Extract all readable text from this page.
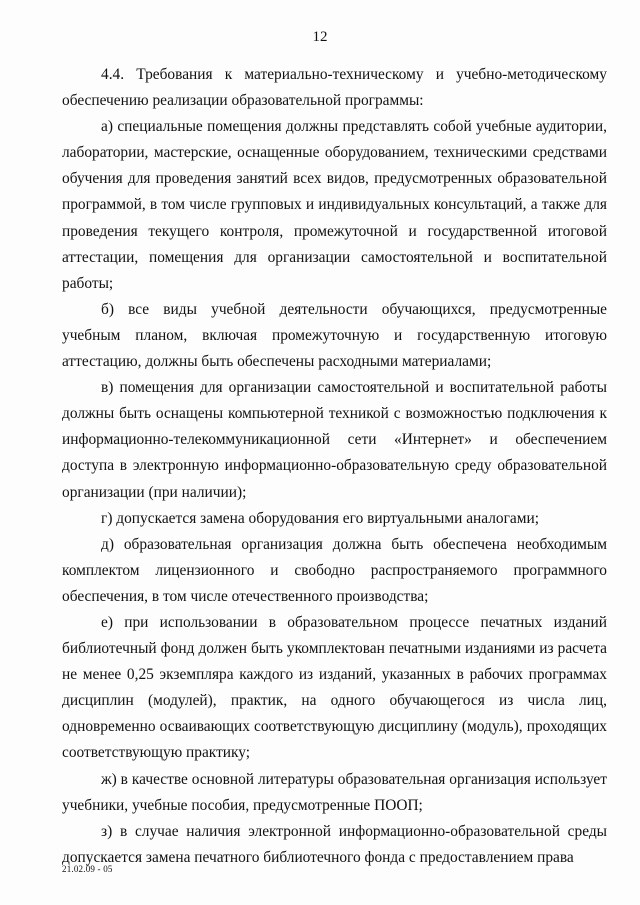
12

4.4. Требования к материально-техническому и учебно-методическому обеспечению реализации образовательной программы:

а) специальные помещения должны представлять собой учебные аудитории, лаборатории, мастерские, оснащенные оборудованием, техническими средствами обучения для проведения занятий всех видов, предусмотренных образовательной программой, в том числе групповых и индивидуальных консультаций, а также для проведения текущего контроля, промежуточной и государственной итоговой аттестации, помещения для организации самостоятельной и воспитательной работы;

б) все виды учебной деятельности обучающихся, предусмотренные учебным планом, включая промежуточную и государственную итоговую аттестацию, должны быть обеспечены расходными материалами;

в) помещения для организации самостоятельной и воспитательной работы должны быть оснащены компьютерной техникой с возможностью подключения к информационно-телекоммуникационной сети «Интернет» и обеспечением доступа в электронную информационно-образовательную среду образовательной организации (при наличии);

г) допускается замена оборудования его виртуальными аналогами;

д) образовательная организация должна быть обеспечена необходимым комплектом лицензионного и свободно распространяемого программного обеспечения, в том числе отечественного производства;

е) при использовании в образовательном процессе печатных изданий библиотечный фонд должен быть укомплектован печатными изданиями из расчета не менее 0,25 экземпляра каждого из изданий, указанных в рабочих программах дисциплин (модулей), практик, на одного обучающегося из числа лиц, одновременно осваивающих соответствующую дисциплину (модуль), проходящих соответствующую практику;

ж) в качестве основной литературы образовательная организация использует учебники, учебные пособия, предусмотренные ПООП;

з) в случае наличия электронной информационно-образовательной среды допускается замена печатного библиотечного фонда с предоставлением права

21.02.09 - 05
